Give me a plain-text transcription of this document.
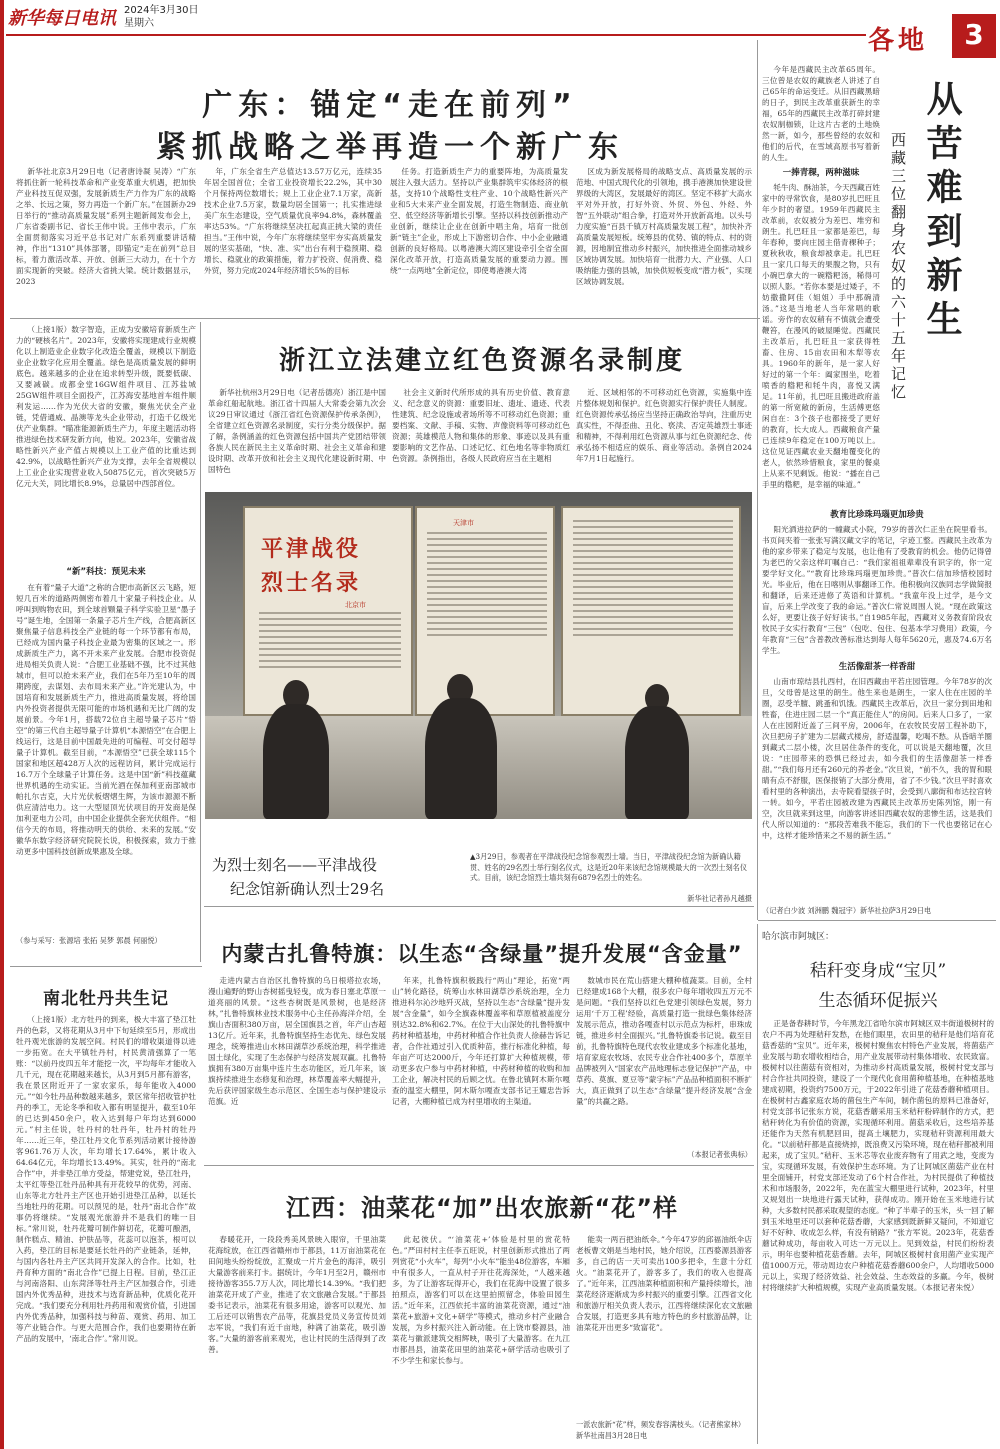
新华每日电讯 2024年3月30日
星期六
各地	3
广东：锚定“走在前列”
紧抓战略之举再造一个新广东

新华社北京3月29日电（记者唐诗凝 吴涛）“广东将抓住新一轮科技革命和产业变革重大机遇，把加快产业科技互促双强，发展新质生产力作为广东的战略之举、长远之策，努力再造一个新广东。”在国新办29日举行的“推动高质量发展”系列主题新闻发布会上，广东省委副书记、省长王伟中说。王伟中表示，广东全面贯彻落实习近平总书记对广东系列重要讲话精神，作出“1310”具体部署，即锚定“走在前列”总目标，着力激活改革、开放、创新三大动力，在十个方面实现新的突破。经济大省挑大梁。统计数据显示，2023

年，广东全省生产总值达13.57万亿元，连续35年居全国首位；全省工业投资增长22.2%，其中30个月保持两位数增长；规上工业企业7.1万家，高新技术企业7.5万家，数量均居全国第一；扎实推进绿美广东生态建设，空气质量优良率94.8%，森林覆盖率达53%。“广东将继续坚决扛起真正挑大梁的责任担当。”王伟中说，今年广东将继续坚牢夯实高质量发展的坚实基础，“快、准、实”出台有利于稳预期、稳增长、稳就业的政策措施，着力扩投资、促消费、稳外贸，努力完成2024年经济增长5%的目标

任务。打造新质生产力的重要阵地，为高质量发展注入强大活力。坚持以产业集群筑牢实体经济的根基，支持10个战略性支柱产业、10个战略性新兴产业和5大未来产业全面发展，打造生物制造、商业航空、低空经济等新增长引擎。坚持以科技创新推动产业创新，继续让企业在创新中唱主角，培育一批创新“链主”企业，形成上下游密切合作、中小企业融通创新的良好格局。以粤港澳大湾区建设牵引全省全面深化改革开放，打造高质量发展的重要动力源。围绕“一点两地”全新定位，即使粤港澳大湾

区成为新发展格局的战略支点、高质量发展的示范地、中国式现代化的引领地，携手港澳加快建设世界级的大湾区，发展最好的湾区。坚定不移扩大高水平对外开放，打好外资、外贸、外包、外经、外智“五外联动”组合拳，打造对外开放新高地。以头号力度实施“百县千镇万村高质量发展工程”，加快补齐高质量发展短板。统筹县的优势、镇的特点、村的资源，因地制宜推动乡村振兴，加快推进全面推动城乡区域协调发展。加快培育一批潜力大、产业强、人口吸纳能力强的县城，加快供短板变成“潜力板”，实现区域协调发展。

（上接1版）数字智造，正成为安徽培育新质生产力的“硬核名片”。2023年，安徽将实现建成行业规模化以上制造业企业数字化改造全覆盖，规模以下制造业企业数字化应用全覆盖。绿色是高质量发展的鲜明底色。越来越多的企业在追求转型升级，既要低碳、又要减碳。成都金堂16GW组件项目、江苏盐城25GW组件项目全面投产，江苏海安基地首车组件顺利发运……作为光伏大省的安徽，聚焦光伏全产业链，凭借通威、晶澳等龙头企业带动，打造千亿级光伏产业集群。“瞄准能源新质生产力，年度主题活动将推进绿色技术研发新方向，他说。2023年，安徽省战略性新兴产业产值占规模以上工业产值的比重达到42.9%，以战略性新兴产业为支撑，去年全省规模以上工业企业实现营业收入50875亿元，首次突破5万亿元大关，同比增长8.9%，总量居中西部首位。

“新”科技：预见未来

在有着“量子大道”之称的合肥市高新区云飞路，短短几百米的道路两侧密布着几十家量子科技企业。从呼叫到购物农田，到全球首颗量子科学实验卫星“墨子号”诞生地，全国第一条量子芯片生产线，合肥高新区聚焦量子信息科技全产业链的每一个环节都有布局，已经成为国内量子科技企业最为密集的区域之一。形成新质生产力，离不开未来产业发展。合肥市投资促进局相关负责人说：“合肥工业基础不强，比不过其他城市，但可以抢未来产业，我们在5年乃至10年的周期跨度，去谋划、去布局未来产业。”许光建认为，中国培育和发展新质生产力，推进高质量发展，将给国内外投资者提供无限可能的市场机遇和无比广阔的发展前景。今年1月，搭载72位自主超导量子芯片“悟空”的第三代自主超导量子计算机“本源悟空”在合肥上线运行，这是目前中国最先进的可编程、可交付超导量子计算机。截至目前，“本源悟空”已获全球115个国家和地区超428万人次的远程访问，累计完成运行16.7万个全球量子计算任务。这是中国“新”科技蕴藏世界机遇的生动实证。当前光酒在保加利亚南部城市帕扎尔吉克，大片光伏板熠熠生辉，为该市源源不断供应清洁电力。这一大型屋顶光伏项目的开发商是保加利亚电力公司，由中国企业提供全套光伏组件。“相信今天的布局，将推动明天的供给、未来的发展。”安徽华东数字经济研究院院长说，积极探索，致力于推动更多中国科技创新成果惠及全球。

（参与采写：张源培 张拓 吴梦 郭晨 何丽悦）
浙江立法建立红色资源名录制度

新华社杭州3月29日电（记者岳德亮）浙江是中国革命红船起航地。浙江省十四届人大常委会第九次会议29日审议通过《浙江省红色资源保护传承条例》，全省建立红色资源名录制度，实行分类分级保护。据了解，条例涵盖的红色资源包括中国共产党团结带领各族人民在新民主主义革命时期、社会主义革命和建设时期、改革开放和社会主义现代化建设新时期、中国特色

社会主义新时代所形成的具有历史价值、教育意义、纪念意义的资源：重要旧址、遗址、遗迹、代表性建筑、纪念设施或者场所等不可移动红色资源；重要档案、文献、手稿、实物、声像资料等可移动红色资源；英雄模范人物和集体的形象、事迹以及具有重要影响的文艺作品、口述记忆、红色地名等非物质红色资源。条例指出，各级人民政府应当在主题相

近、区域相邻的不可移动红色资源，实施集中连片整体规划和保护。红色资源实行保护责任人制度。红色资源传承弘扬应当坚持正确政治导向，注重历史真实性，不得歪曲、丑化、亵渎、否定英雄烈士事迹和精神，不得利用红色资源从事与红色资源纪念、传承弘扬不相适应的娱乐、商业等活动。条例自2024年7月1日起施行。

平津战役
烈士名录
北京市
天津市
为烈士刻名——平津战役
纪念馆新确认烈士29名
▲3月29日，参观者在平津战役纪念馆参观烈士墙。当日，平津战役纪念馆为新确认籍贯、姓名的29名烈士举行刻名仪式，这是近20年来该纪念馆规模最大的一次烈士刻名仪式。目前，该纪念馆烈士墙共刻有6879名烈士的姓名。
新华社记者孙凡越摄
从苦难到新生
西藏三位翻身农奴的六十五年记忆

今年是西藏民主改革65周年。三位曾是农奴的藏族老人讲述了自己65年的命运变迁。从旧西藏黑暗的日子，到民主改革重获新生的幸福，65年的西藏民主改革打碎封建农奴制枷锁，让这片古老的土地焕然一新，如今，那些曾经的农奴和他们的后代，在雪域高原书写着新的人生。

一捧青稞，两种滋味

牦牛肉、酥油茶，今天西藏百姓家中的寻常饮食，是80岁扎巴旺且年少时的奢望。1959年西藏民主改革前，农奴被分为差巴、堆穷和朗生。扎巴旺且一家都是差巴，每年春种，要向庄园主借青稞种子；夏秋秋收，粮食却被拿走。扎巴旺且一家几口每天的果腹之物，只有小碗巴拿大的一碗糌粑汤，稀得可以照人影。“若你本要是过矮子，不妨撒撒阿佳（姐姐）手中那碗清汤。”这是当地老人当年常唱的歌谣。旁作的农奴稍有不慎就会遭受鞭笞，在漫风的破屋睡觉。西藏民主改革后，扎巴旺且一家获得牲畜、住房、15亩农田和木犁等农具。1960年的新年，是一家人好好过的第一个年：阖家围坐，吃着喷香的糌粑和牦牛肉，喜悦又满足。11年前，扎巴旺且搬进政府盖的第一所宽敞的新房，生活傅更悠闲自在：3个孩子也都接受了更好的教育，长大成人。西藏粮食产量已连续9年稳定在100万吨以上。这位见证西藏农业天翻地覆变化的老人，依然珍惜粮食，家里的餐桌上从来不见剩饭。他说：“播在自己手里的糌粑，是幸福的味道。”

教育比珍珠玛瑙更加珍贵

阳光洒进拉萨的一幢藏式小院，79岁的普次仁正坐在院里看书。书页间夹着一张张写满汉藏文字的笔记，字迹工整。西藏民主改革为他的家乡带来了稳定与发展，也让他有了受教育的机会。他仍记得曾为老巴的父亲这样叮嘱自己：“我们家祖祖辈辈没有识字的，你一定要学好文化。”“教育比珍珠玛瑙更加珍贵。”普次仁信加珍惜校园时光。毕业后，他在日喀则从事翻译工作。他积极向汉族同志学做简报和翻译，后来还进修了英语和计算机。“我童年没上过学，是今文盲，后来上学改变了我的命运。”普次仁常说周围人说。“现在政策这么好，更要让孩子好好读书。”自1985年起，西藏对义务教育阶段农牧民子女实行教育“三包”（包吃、包住、包基本学习费用）政策，今年教育“三包”含普教改善标准达到每人每年5620元，惠及74.6万名学生。

生活像甜茶一样香甜

山南市琼结县扎西村，在旧西藏由平若庄园管理。今年78岁的次旦，父母曾是这里的朗生。他生来也是朗生，一家人住在庄园的羊圈，忍受羊膻、跳蚤和饥饿。西藏民主改革后，次旦一家分到田地和牲畜，住进庄园二层一个“真正能住人”的房间。后来人口多了，一家人在庄园附近盖了三间平房，2006年，在农牧民安居工程补助下，次旦把房子扩建为二层藏式楼房，舒适温馨，吃喝不愁。从昏暗羊圈到藏式二层小楼，次旦居住条件的变化，可以说是天翻地覆，次旦说：“庄园带来的恐惧已经过去，如今我们的生活像甜茶一样香甜。”“我们每月还有260元的养老金。”次旦说，“前不久，我的胃和眼睛有点不舒服，医保报销了大部分费用，省了不少钱。”次旦平时喜欢看村里的各种演出，去寺院看望孩子时，会受到八廓街和布达拉宫转一转。如今，平若庄园被改建为西藏民主改革历史陈列馆，刚一有空，次旦就来到这里，向游客讲述旧西藏农奴的悲惨生活，这是我们代人所以知道的：“那段苦难我不能忘，我们的下一代也要铭记在心中，这样才能珍惜来之不易的新生活。”

（记者白少波 刘洲鹏 魏冠宇）新华社拉萨3月29日电
南北牡丹共生记

（上接1版）北方牡丹的到来，极大丰富了垫江牡丹的色彩，又将花期从3月中下旬延续至5月，形成出牡丹观光旅游的发展空间。村民们的增收渠道得以进一步拓宽。在大平镇牡丹村，村民黄清强算了一笔账：“以前丹皮四五年才能挖一次，平均每年才能收入几千元，现在花期越来越长，从3月到5月都有游客，我在景区附近开了一家农家乐，每年能收入4000元。”“如今牡丹品种数越来越多，景区常年招收管护牡丹的季工，无论冬季和收入都有明显提升，截至10年的已达到450余户，收入达到每户年均达到6000元。”村主任说，牡丹村的牡丹年，牡丹村的牡丹年……近三年，垫江牡丹文化节系列活动累计接待游客961.76万人次，年均增长17.64%，累计收入64.64亿元，年均增长13.49%。其实，牡丹的“南北合作”中，并非垫江单方受益，帮建党说，垫江牡丹，太平红等垫江牡丹品种具有开花较早的优势，河南、山东等北方牡丹主产区也开始引进垫江品种，以延长当地牡丹的花期。可以预见的是，牡丹“南北合作”故事仍将继续。“发展观光旅游并不是我们的唯一目标。”常川说，牡丹花瓣可制作鲜切花，花瓣可酿酒，制作糕点、精油、护肤品等，花蕊可以泡茶，根可以入药，垫江的目标是要延长牡丹的产业链条，延伸，与国内各牡丹主产区共同开发深入的合作。比如，牡丹育种方面的“南北合作”已提上日程。目前，垫江正与河南洛阳、山东菏泽等牡丹主产区加强合作，引进国内外优秀品种，进技术与选育新品种，优质化花开完成。“我们要充分利用牡丹药用和观赏价值，引进国内外优秀品种，加强科技与种苗、观赏、药用、加工等产业链合作。与更大范围合作，我们也要期待在新产品的发展中，‘南北合作’。”常川说。

内蒙古扎鲁特旗：以生态“含绿量”提升发展“含金量”

走进内蒙古自治区扎鲁特旗的乌日根塔拉农场，漫山遍野的野山杏树摇曳轻曳，成为春日塞北草原一道亮丽的风景。“这些杏树既是风景树，也是经济林，”扎鲁特旗林业技术服务中心主任孙海洋介绍，全旗山杏面积380万亩，居全国旗县之首，年产山杏超13亿斤。近年来，扎鲁特旗坚持生态优先、绿色发展理念，统筹推进山水林田湖草沙系统治理，科学推进国土绿化，实现了生态保护与经济发展双赢。扎鲁特旗拥有380万亩集中连片生态功能区，近几年来，该旗持续推进生态修复和治理，林草覆盖率大幅提升，先后获评国家级生态示范区、全国生态与保护建设示范旗。近

年来，扎鲁特旗积极践行“两山”理论，拓宽“两山”转化路径，统筹山水林田湖草沙系统治理，全力推进科尔沁沙地歼灭战，坚持以生态“含绿量”提升发展“含金量”，如今全旗森林覆盖率和草原植被盖度分别达32.8%和62.7%。在位于大山深处的扎鲁特旗中药材种植基地，中药材种植合作社负责人徐赫告诉记者，合作社通过引入优质种苗，推行标准化种植，每年亩产可达2000斤，今年还打算扩大种植规模，带动更多农户参与中药材种植，中药材种植的收购和加工企业，解决村民的后顾之忧。在鲁北镇阿木斯尔嘎查的温室大棚里，阿木斯尔嘎查支部书记王耀忠告诉记者，大棚种植已成为村里增收的主渠道。

数城市民在荒山搭建大棚种植蔬菜。目前，全村已经建成168个大棚，很多农户每年增收四五万元不是问题。“我们坚持以红色党建引领绿色发展，努力运用‘千万工程’经验，高质量打造一批绿色集体经济发展示范点，推动各嘎查村以示范点为标杆，串珠成链，推进乡村全面振兴。”扎鲁特旗委书记说。截至目前，扎鲁特旗特色现代农牧业建成多个标准化基地，培育家庭农牧场、农民专业合作社400多个，草原羊品牌被列入“国家农产品地理标志登记保护”产品，中草药、莫旗、夏豆等“蒙字标”产品品种植面积不断扩大，真正做到了以生态“含绿量”提升经济发展“含金量”的共赢之路。

（本报记者张典标）
哈尔滨市阿城区：
秸秆变身成“宝贝”
生态循环促振兴

正是备春耕时节，今年黑龙江省哈尔滨市阿城区双丰街道极树村的农户不再为处理秸秆发愁，在他们眼里，农田里的秸秆是他们培育花菇香菇的“宝贝”。近年来，极树村聚焦农村特色产业发展，将菌菇产业发展与助农增收相结合，用产业发展带动村集体增收、农民致富。极树村以往菌菇有资相对，为推动乡村高质量发展，极树村党支部与村合作社共同投资，建设了一个现代化食用菌种植基地，在种植基地建成初期，投资约7500万元，于2022年引进了花菇香蘑种植项目。在极树村古鑫家庭农场的菌包生产车间，制作菌包的原料已准备好，村党支部书记张东方说，花菇香蘑采用玉米秸秆粉碎制作的方式，把秸秆转化为有价值的资源，实现循环利用。菌菇采收后，这些培养基还能作为天然有机肥回田，提高土壤肥力，实现秸秆资源利用最大化。“以前秸秆都是直接烧掉，既浪费又污染环境，现在秸秆都被利用起来，成了宝贝。”秸秆、玉米芯等农业废弃物有了用武之地，变废为宝，实现循环发展，有效保护生态环境。为了让阿城区菌菇产业在村里全面铺开，村党支部还发动了6个村合作社，为村民提供了种植技术和市场服务，2022年，先在蓝宝大棚里进行试种，2023年，村里又规划出一块地进行露天试种，获得成功。刚开始在玉米地进行试种，大多数村民都采取观望的态度。“种了半辈子的玉米，头一回了解到玉米地里还可以套种花菇香蘑，大家感到既新鲜又疑问，不知道它好不好种、收成怎么样，有没有销路？”张方军说。2023年，花菇香蘑试种成功，每亩收入可达一万元以上。见到效益，村民们纷纷表示，明年也要种植花菇香蘑。去年，阿城区极树村食用菌产业实现产值1000万元，带动周边农户种植花菇香蘑600余户，人均增收5000元以上，实现了经济效益、社会效益、生态效益的多赢。今年，极树村将继续扩大种植规模，实现产业高质量发展。（本报记者朱悦）

江西：油菜花“加”出农旅新“花”样

春暖花开，一段段秀美风景映入眼帘，千里油菜花海绽放，在江西省赣州市于都县，11万亩油菜花在田间地头纷纷绽放，汇聚成一片片金色的海洋，吸引大量游客前来打卡。据统计，今年1月至2月，赣州市接待游客355.7万人次，同比增长14.39%。“我们把油菜花开成了产业，推进了农文旅融合发展。”于都县委书记表示，油菜花有很多用途，游客可以观光、加工后还可以销售农产品等，花旗县党员义务宣传员刘志军说，“我们有近千亩地，种满了油菜花，吸引游客。”大量的游客前来观光，也让村民的生活得到了改善。

此起彼伏。“‘油菜花+’体验是村里的赏花特色。”严田村村主任李五旺说，村里创新形式推出了两列赏花“小火车”，每列“小火车”能坐48位游客，车厢中有很多人，一直从村子开往花海深处，“人越来越多，为了让游客玩得开心，我们在花海中设置了很多拍照点，游客们可以在这里拍照留念，体验田园生活。”近年来，江西依托丰富的油菜花资源，通过“油菜花+旅游+文化+研学”等模式，推动乡村产业融合发展，为乡村振兴注入新动能。在上饶市婺源县，油菜花与徽派建筑交相辉映，吸引了大量游客。在九江市都昌县，油菜花田里的油菜花+研学活动也吸引了不少学生和家长参与。

能卖一两百把油纸伞。”今年47岁的邱福油纸伞店老板曹文娟是当地村民，她介绍说，江西婺源县游客多，自己的店一天可卖出100多把伞，生意十分红火。“油菜花开了，游客多了，我们的收入也提高了。”近年来，江西油菜种植面积和产量持续增长，油菜花经济逐渐成为乡村振兴的重要引擎。江西省文化和旅游厅相关负责人表示，江西将继续深化农文旅融合发展，打造更多具有地方特色的乡村旅游品牌，让油菜花开出更多“致富花”。

一派农旅新“花”样，频发春容满枝头。（记者熊家林）新华社南昌3月28日电
